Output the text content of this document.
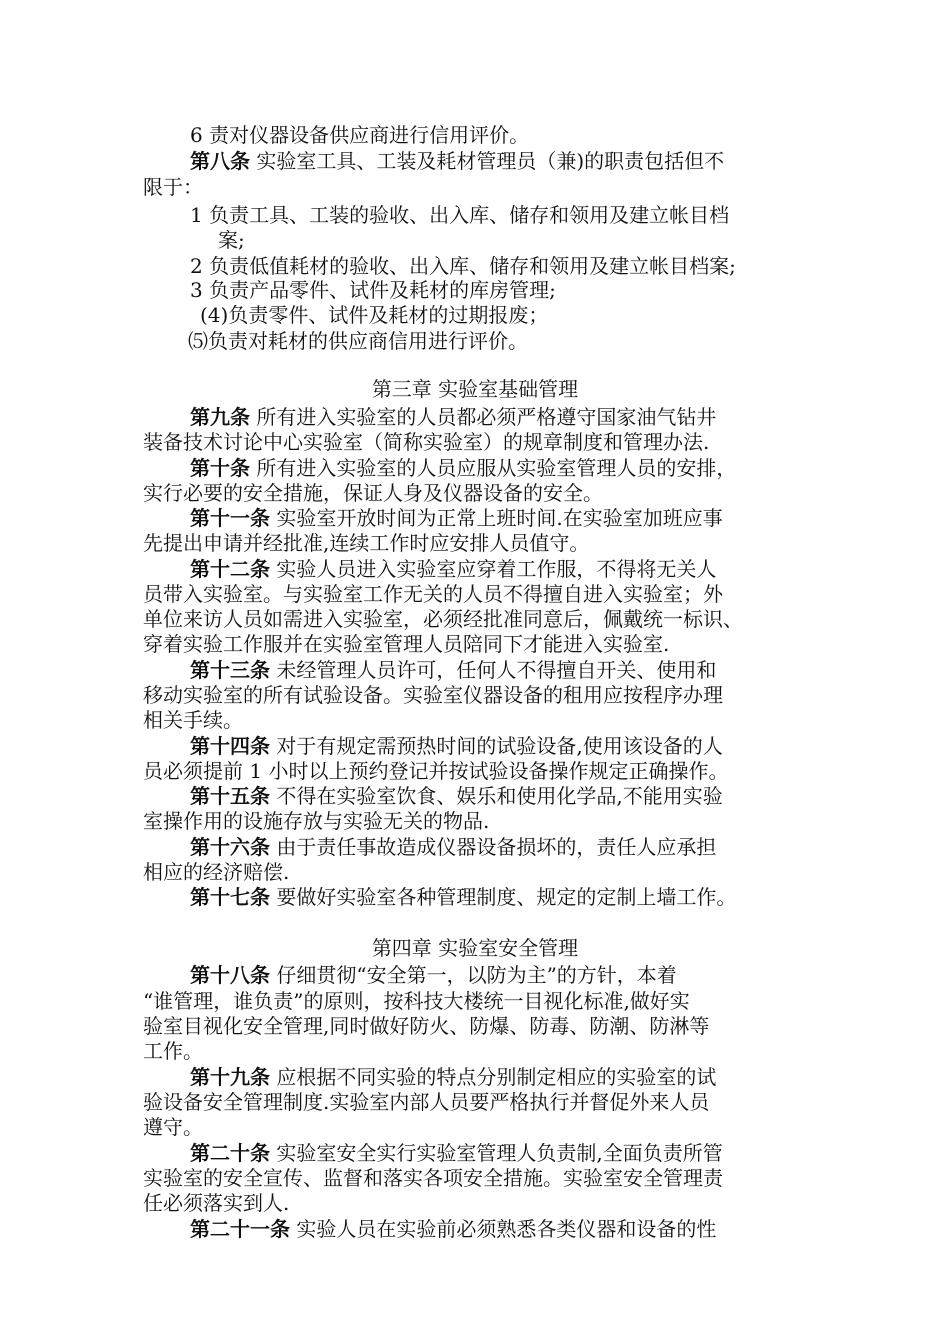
6 责对仪器设备供应商进行信用评价。
第八条 实验室工具、工装及耗材管理员（兼)的职责包括但不
限于：
1 负责工具、工装的验收、出入库、储存和领用及建立帐目档
案;
2 负责低值耗材的验收、出入库、储存和领用及建立帐目档案;
3 负责产品零件、试件及耗材的库房管理;
(4)负责零件、试件及耗材的过期报废；
⑸负责对耗材的供应商信用进行评价。
第三章 实验室基础管理
第九条 所有进入实验室的人员都必须严格遵守国家油气钻井
装备技术讨论中心实验室（简称实验室）的规章制度和管理办法.
第十条 所有进入实验室的人员应服从实验室管理人员的安排，
实行必要的安全措施，保证人身及仪器设备的安全。
第十一条 实验室开放时间为正常上班时间.在实验室加班应事
先提出申请并经批准,连续工作时应安排人员值守。
第十二条 实验人员进入实验室应穿着工作服，不得将无关人
员带入实验室。与实验室工作无关的人员不得擅自进入实验室；外
单位来访人员如需进入实验室，必须经批准同意后，佩戴统一标识、
穿着实验工作服并在实验室管理人员陪同下才能进入实验室.
第十三条 未经管理人员许可，任何人不得擅自开关、使用和
移动实验室的所有试验设备。实验室仪器设备的租用应按程序办理
相关手续。
第十四条 对于有规定需预热时间的试验设备,使用该设备的人
员必须提前 1 小时以上预约登记并按试验设备操作规定正确操作。
第十五条 不得在实验室饮食、娱乐和使用化学品,不能用实验
室操作用的设施存放与实验无关的物品.
第十六条 由于责任事故造成仪器设备损坏的，责任人应承担
相应的经济赔偿.
第十七条 要做好实验室各种管理制度、规定的定制上墙工作。
第四章 实验室安全管理
第十八条 仔细贯彻“安全第一，以防为主”的方针，本着
“谁管理，谁负责”的原则，按科技大楼统一目视化标准,做好实
验室目视化安全管理,同时做好防火、防爆、防毒、防潮、防淋等
工作。
第十九条 应根据不同实验的特点分别制定相应的实验室的试
验设备安全管理制度.实验室内部人员要严格执行并督促外来人员
遵守。
第二十条 实验室安全实行实验室管理人负责制,全面负责所管
实验室的安全宣传、监督和落实各项安全措施。实验室安全管理责
任必须落实到人.
第二十一条 实验人员在实验前必须熟悉各类仪器和设备的性
